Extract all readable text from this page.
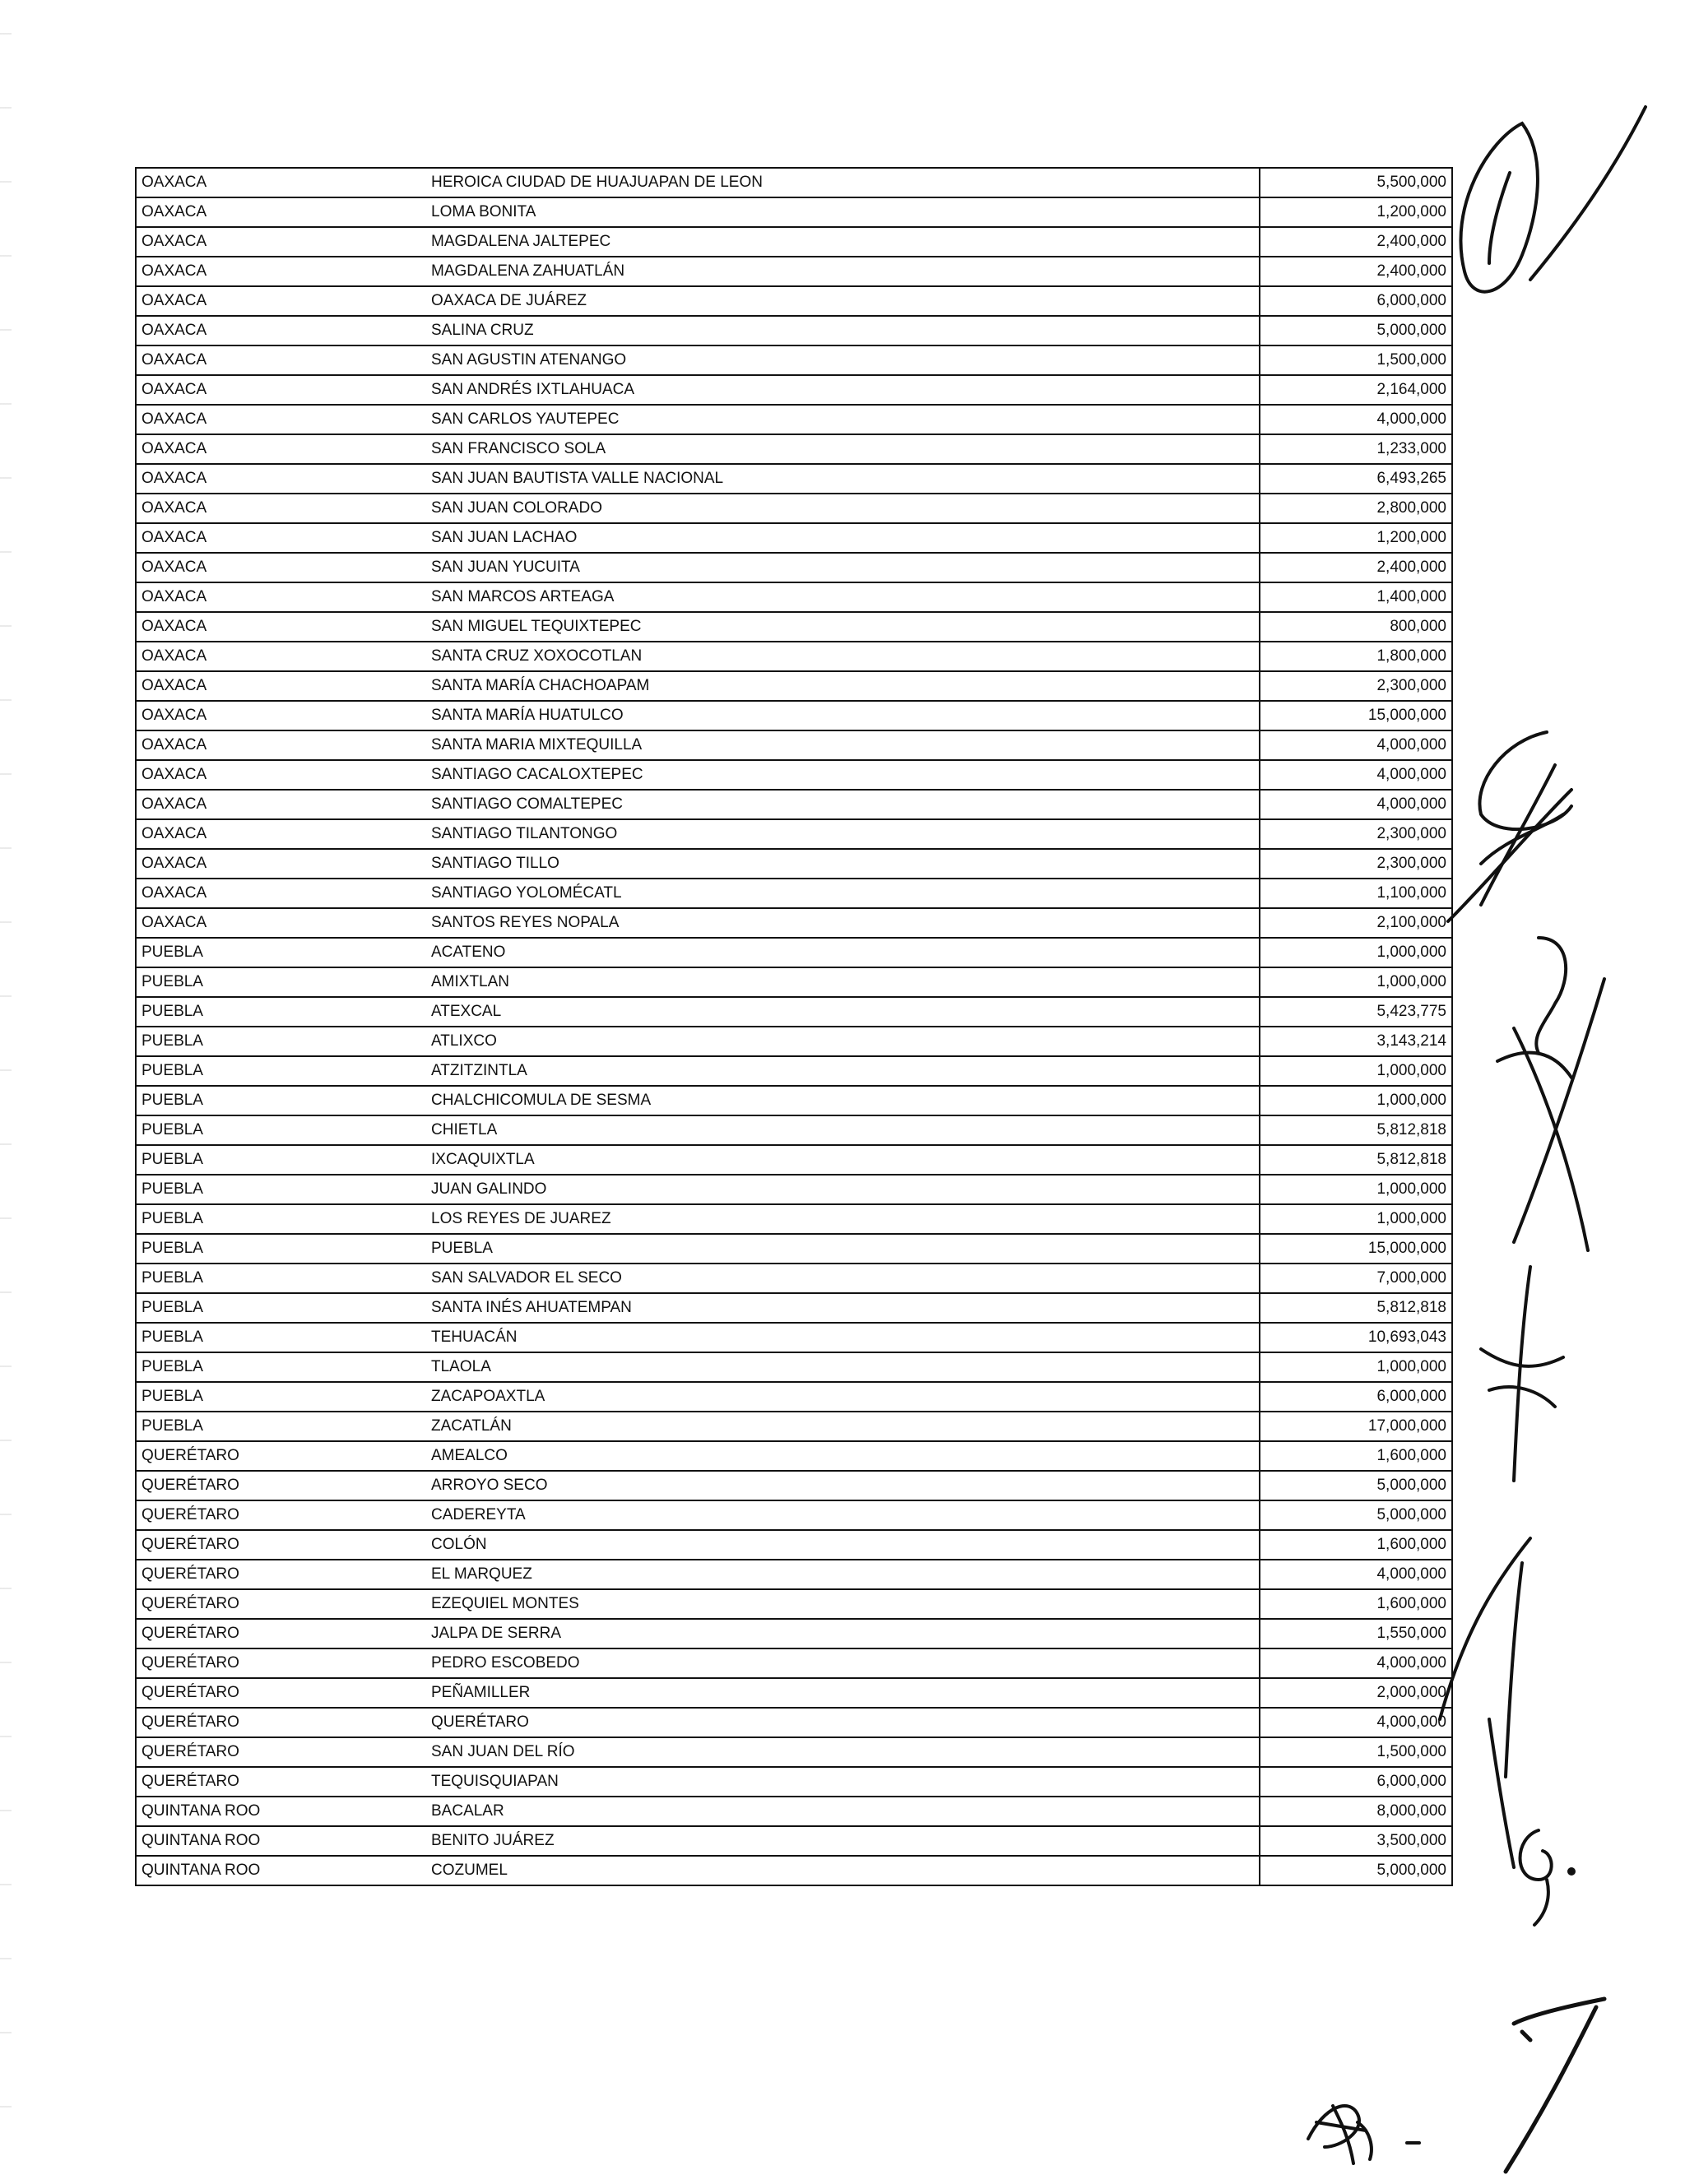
OAXACA	HEROICA CIUDAD DE HUAJUAPAN DE LEON	5,500,000
OAXACA	LOMA BONITA	1,200,000
OAXACA	MAGDALENA JALTEPEC	2,400,000
OAXACA	MAGDALENA ZAHUATLÁN	2,400,000
OAXACA	OAXACA DE JUÁREZ	6,000,000
OAXACA	SALINA CRUZ	5,000,000
OAXACA	SAN AGUSTIN ATENANGO	1,500,000
OAXACA	SAN ANDRÉS IXTLAHUACA	2,164,000
OAXACA	SAN CARLOS YAUTEPEC	4,000,000
OAXACA	SAN FRANCISCO SOLA	1,233,000
OAXACA	SAN JUAN BAUTISTA VALLE NACIONAL	6,493,265
OAXACA	SAN JUAN COLORADO	2,800,000
OAXACA	SAN JUAN LACHAO	1,200,000
OAXACA	SAN JUAN YUCUITA	2,400,000
OAXACA	SAN MARCOS ARTEAGA	1,400,000
OAXACA	SAN MIGUEL TEQUIXTEPEC	800,000
OAXACA	SANTA CRUZ XOXOCOTLAN	1,800,000
OAXACA	SANTA MARÍA CHACHOAPAM	2,300,000
OAXACA	SANTA MARÍA HUATULCO	15,000,000
OAXACA	SANTA MARIA MIXTEQUILLA	4,000,000
OAXACA	SANTIAGO CACALOXTEPEC	4,000,000
OAXACA	SANTIAGO COMALTEPEC	4,000,000
OAXACA	SANTIAGO TILANTONGO	2,300,000
OAXACA	SANTIAGO TILLO	2,300,000
OAXACA	SANTIAGO YOLOMÉCATL	1,100,000
OAXACA	SANTOS REYES NOPALA	2,100,000
PUEBLA	ACATENO	1,000,000
PUEBLA	AMIXTLAN	1,000,000
PUEBLA	ATEXCAL	5,423,775
PUEBLA	ATLIXCO	3,143,214
PUEBLA	ATZITZINTLA	1,000,000
PUEBLA	CHALCHICOMULA DE SESMA	1,000,000
PUEBLA	CHIETLA	5,812,818
PUEBLA	IXCAQUIXTLA	5,812,818
PUEBLA	JUAN GALINDO	1,000,000
PUEBLA	LOS REYES DE JUAREZ	1,000,000
PUEBLA	PUEBLA	15,000,000
PUEBLA	SAN SALVADOR EL SECO	7,000,000
PUEBLA	SANTA INÉS AHUATEMPAN	5,812,818
PUEBLA	TEHUACÁN	10,693,043
PUEBLA	TLAOLA	1,000,000
PUEBLA	ZACAPOAXTLA	6,000,000
PUEBLA	ZACATLÁN	17,000,000
QUERÉTARO	AMEALCO	1,600,000
QUERÉTARO	ARROYO SECO	5,000,000
QUERÉTARO	CADEREYTA	5,000,000
QUERÉTARO	COLÓN	1,600,000
QUERÉTARO	EL MARQUEZ	4,000,000
QUERÉTARO	EZEQUIEL MONTES	1,600,000
QUERÉTARO	JALPA DE SERRA	1,550,000
QUERÉTARO	PEDRO ESCOBEDO	4,000,000
QUERÉTARO	PEÑAMILLER	2,000,000
QUERÉTARO	QUERÉTARO	4,000,000
QUERÉTARO	SAN JUAN DEL RÍO	1,500,000
QUERÉTARO	TEQUISQUIAPAN	6,000,000
QUINTANA ROO	BACALAR	8,000,000
QUINTANA ROO	BENITO JUÁREZ	3,500,000
QUINTANA ROO	COZUMEL	5,000,000
